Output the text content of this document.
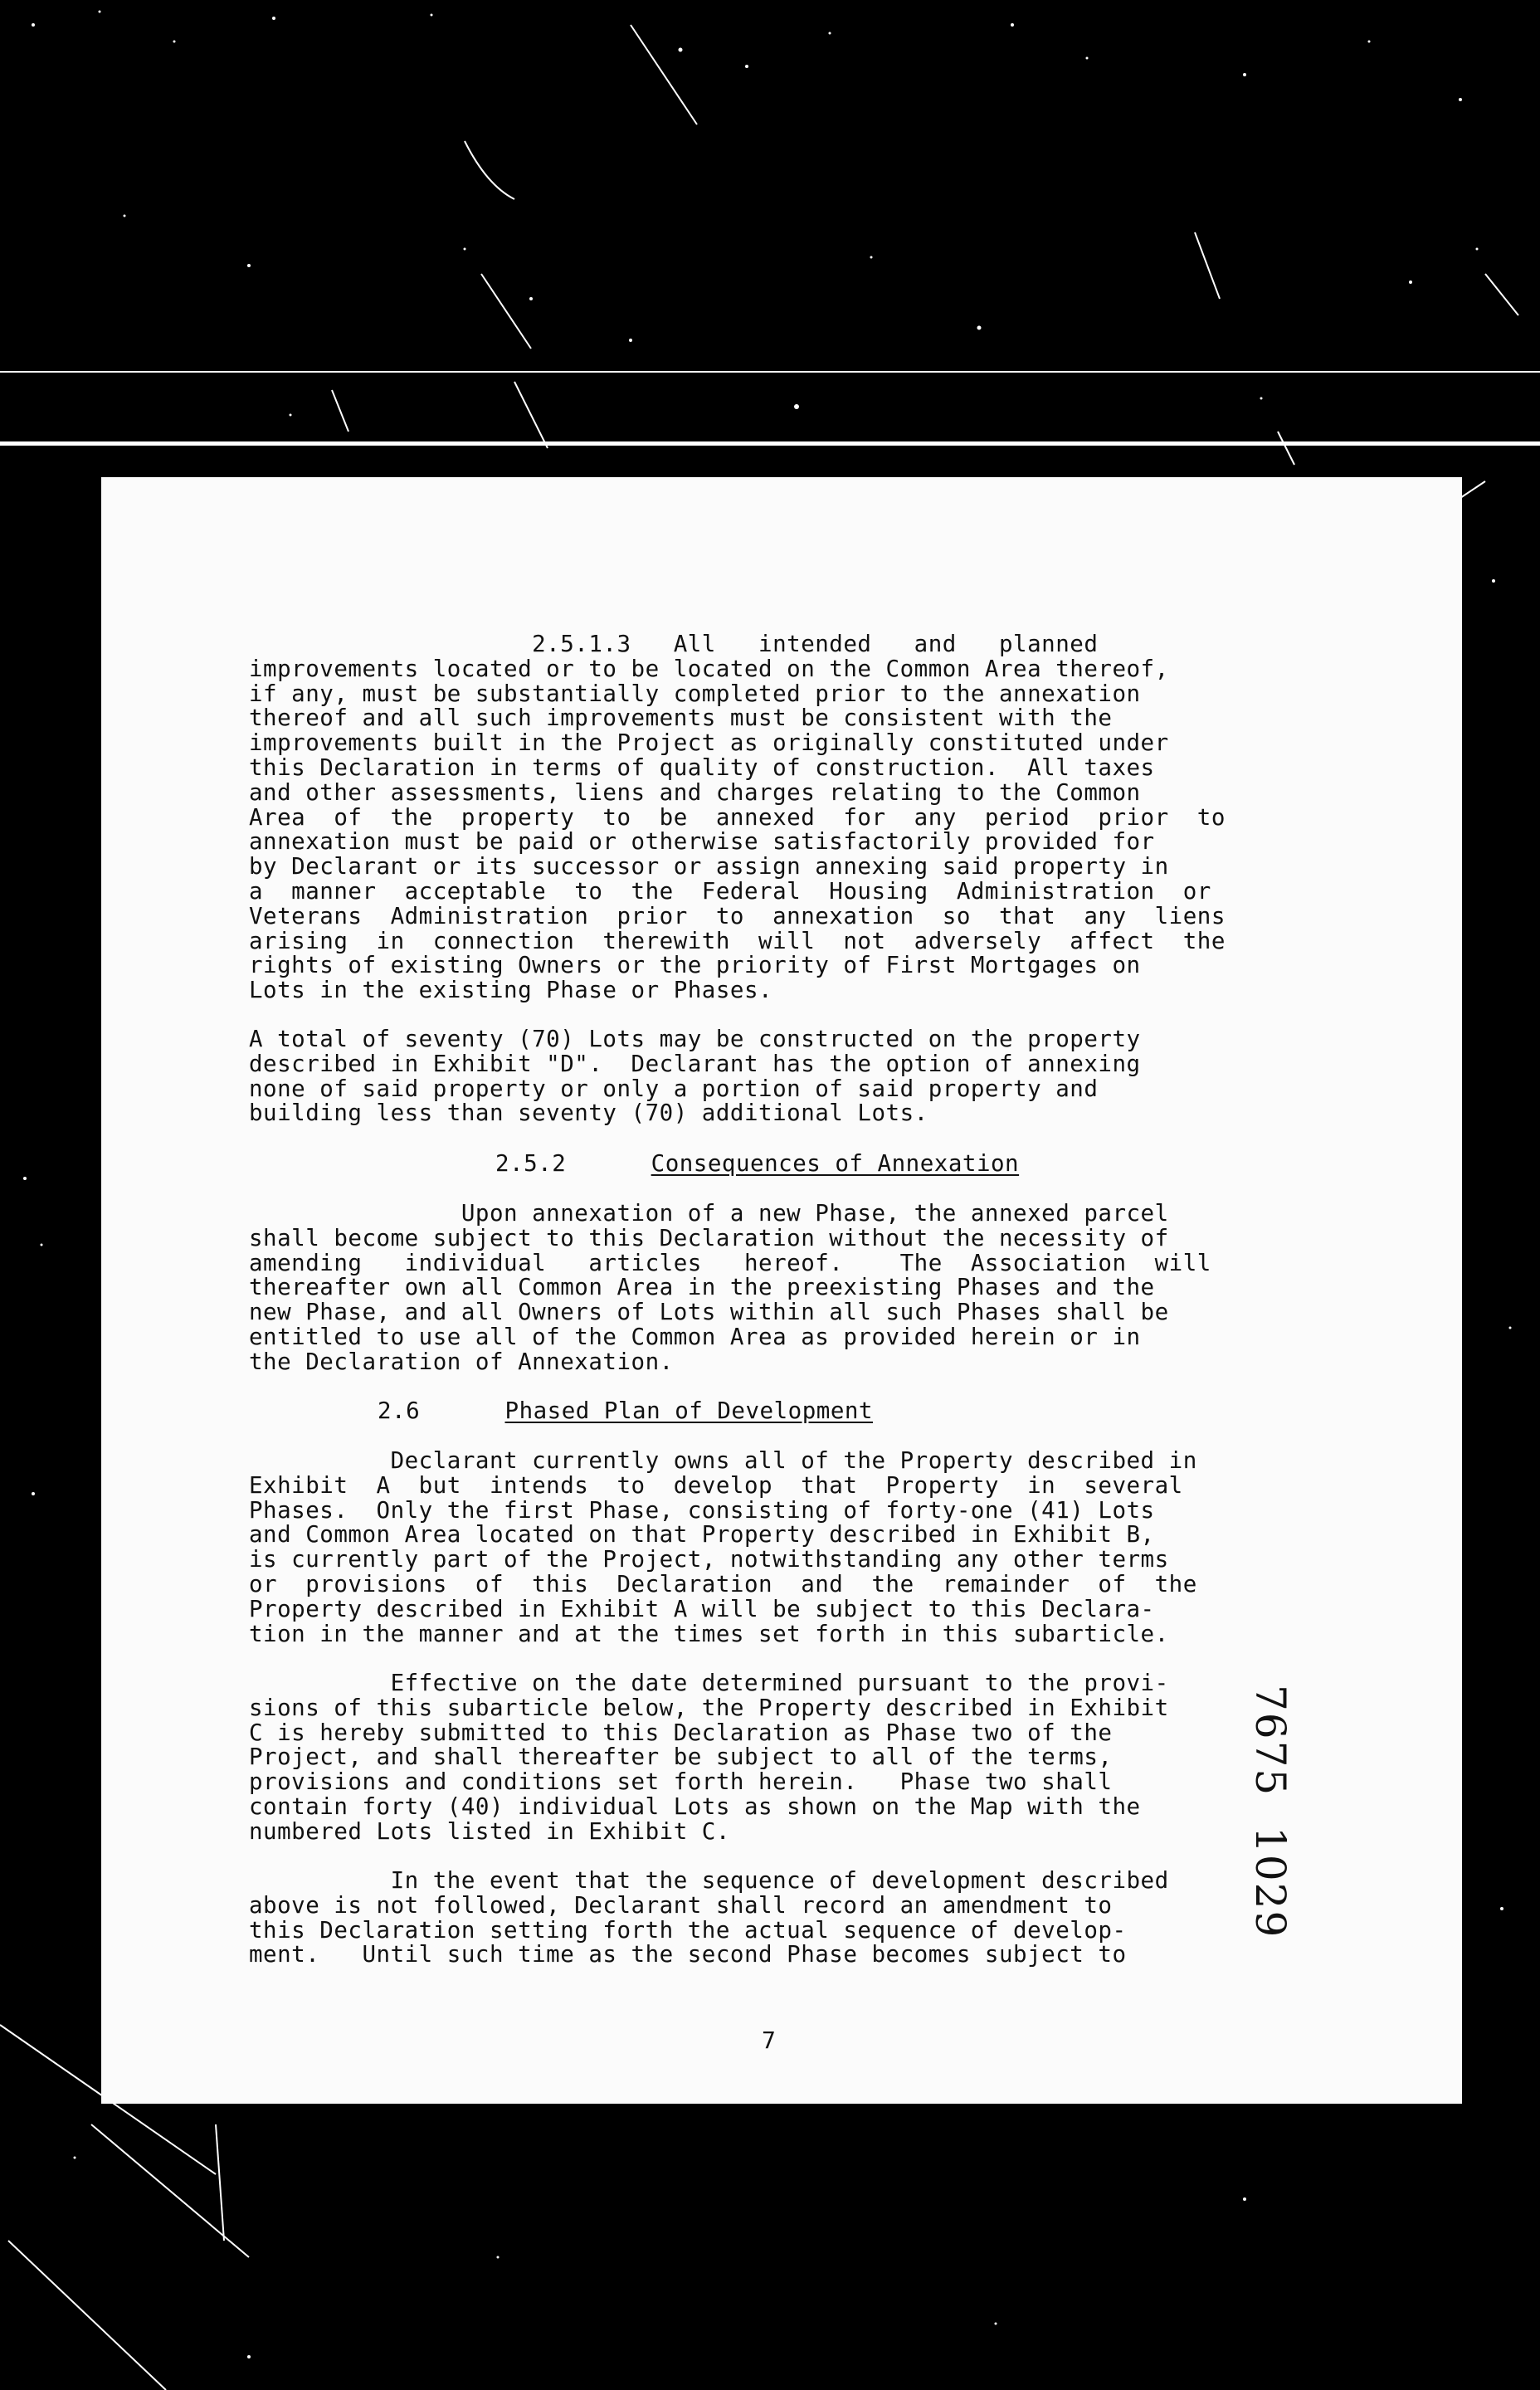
2.5.1.3   All   intended   and   planned
improvements located or to be located on the Common Area thereof,
if any, must be substantially completed prior to the annexation
thereof and all such improvements must be consistent with the
improvements built in the Project as originally constituted under
this Declaration in terms of quality of construction.  All taxes
and other assessments, liens and charges relating to the Common
Area  of  the  property  to  be  annexed  for  any  period  prior  to
annexation must be paid or otherwise satisfactorily provided for
by Declarant or its successor or assign annexing said property in
a  manner  acceptable  to  the  Federal  Housing  Administration  or
Veterans  Administration  prior  to  annexation  so  that  any  liens
arising  in  connection  therewith  will  not  adversely  affect  the
rights of existing Owners or the priority of First Mortgages on
Lots in the existing Phase or Phases.

A total of seventy (70) Lots may be constructed on the property
described in Exhibit "D".  Declarant has the option of annexing
none of said property or only a portion of said property and
building less than seventy (70) additional Lots.

2.5.2	Consequences of Annexation

Upon annexation of a new Phase, the annexed parcel
shall become subject to this Declaration without the necessity of
amending   individual   articles   hereof.    The  Association  will
thereafter own all Common Area in the preexisting Phases and the
new Phase, and all Owners of Lots within all such Phases shall be
entitled to use all of the Common Area as provided herein or in
the Declaration of Annexation.

2.6	Phased Plan of Development

Declarant currently owns all of the Property described in
Exhibit  A  but  intends  to  develop  that  Property  in  several
Phases.  Only the first Phase, consisting of forty-one (41) Lots
and Common Area located on that Property described in Exhibit B,
is currently part of the Project, notwithstanding any other terms
or  provisions  of  this  Declaration  and  the  remainder  of  the
Property described in Exhibit A will be subject to this Declara-
tion in the manner and at the times set forth in this subarticle.

Effective on the date determined pursuant to the provi-
sions of this subarticle below, the Property described in Exhibit
C is hereby submitted to this Declaration as Phase two of the
Project, and shall thereafter be subject to all of the terms,
provisions and conditions set forth herein.   Phase two shall
contain forty (40) individual Lots as shown on the Map with the
numbered Lots listed in Exhibit C.

In the event that the sequence of development described
above is not followed, Declarant shall record an amendment to
this Declaration setting forth the actual sequence of develop-
ment.   Until such time as the second Phase becomes subject to

7
7675  1029
